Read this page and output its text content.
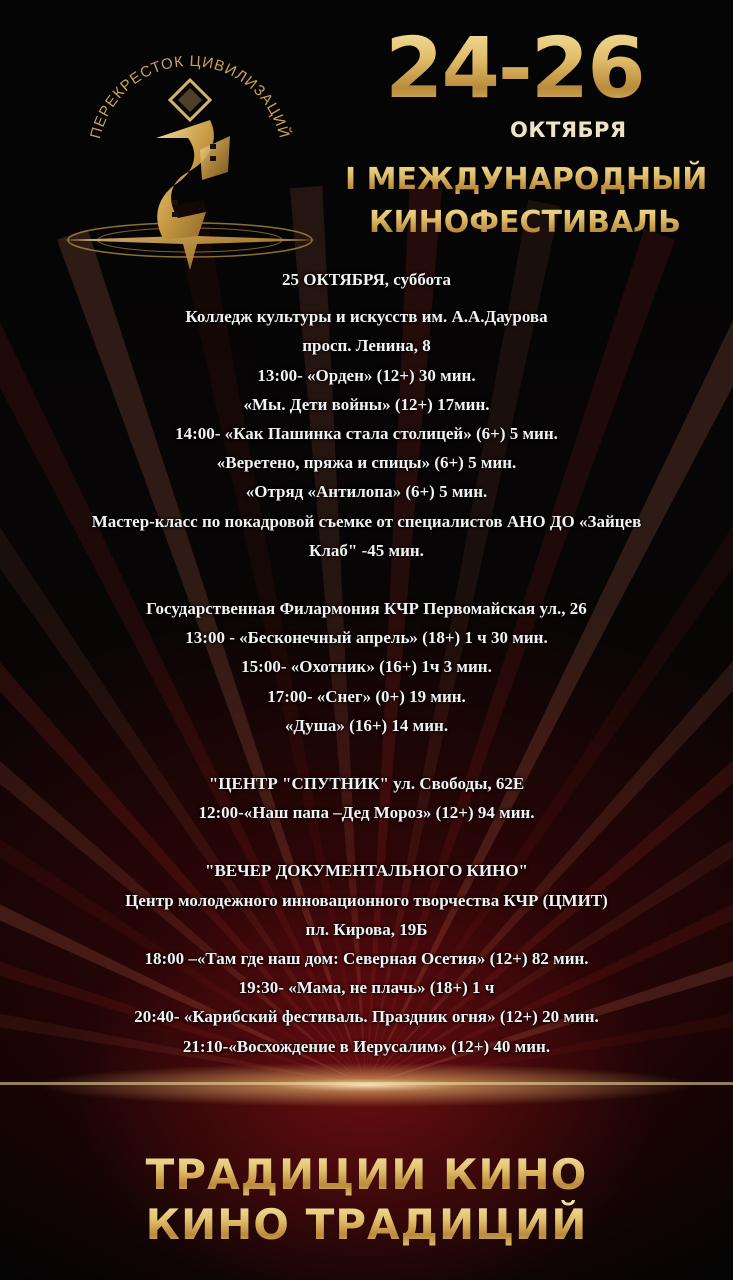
ПЕРЕКРЕСТОК ЦИВИЛИЗАЦИЙ
24-26
ОКТЯБРЯ
I МЕЖДУНАРОДНЫЙ
КИНОФЕСТИВАЛЬ
25 ОКТЯБРЯ, суббота
Колледж культуры и искусств им. А.А.Даурова
просп. Ленина, 8
13:00- «Орден» (12+) 30 мин.
«Мы. Дети войны» (12+) 17мин.
14:00- «Как Пашинка стала столицей» (6+) 5 мин.
«Веретено, пряжа и спицы» (6+) 5 мин.
«Отряд «Антилопа» (6+) 5 мин.
Мастер-класс по покадровой съемке от специалистов АНО ДО «Зайцев
Клаб" -45 мин.
Государственная Филармония КЧР Первомайская ул., 26
13:00 - «Бесконечный апрель» (18+) 1 ч 30 мин.
15:00- «Охотник» (16+) 1ч 3 мин.
17:00- «Снег» (0+) 19 мин.
«Душа» (16+) 14 мин.
"ЦЕНТР "СПУТНИК" ул. Свободы, 62Е
12:00-«Наш папа –Дед Мороз» (12+) 94 мин.
"ВЕЧЕР ДОКУМЕНТАЛЬНОГО КИНО"
Центр молодежного инновационного творчества КЧР (ЦМИТ)
пл. Кирова, 19Б
18:00 –«Там где наш дом: Северная Осетия» (12+) 82 мин.
19:30- «Мама, не плачь» (18+) 1 ч
20:40- «Карибский фестиваль. Праздник огня» (12+) 20 мин.
21:10-«Восхождение в Иерусалим» (12+) 40 мин.
ТРАДИЦИИ КИНО
КИНО ТРАДИЦИЙ
